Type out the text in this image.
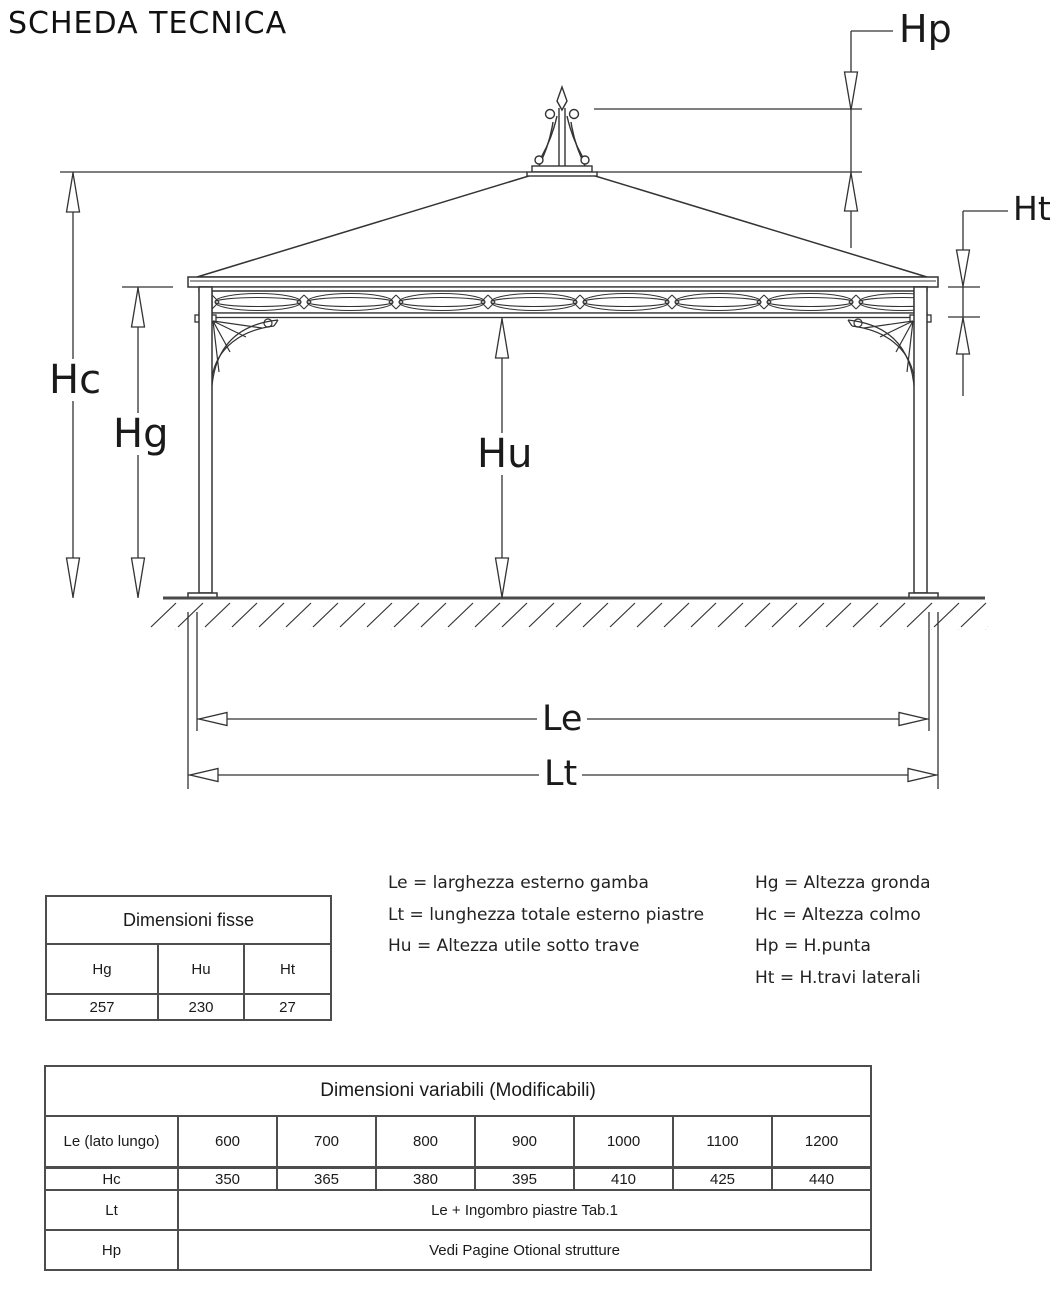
SCHEDA TECNICA	Hp
Ht
Hc
Hg	Hu
Le
Lt
Le = larghezza esterno gamba
Lt = lunghezza totale esterno piastre
Hu = Altezza utile sotto trave
Hg = Altezza gronda
Hc = Altezza colmo
Hp = H.punta
Ht = H.travi laterali
Dimensioni fisse		
Hg	Hu	Ht
257	230	27
Dimensioni variabili (Modificabili)							
Le (lato lungo)	600	700	800	900	1000	1100	1200
Hc	350	365	380	395	410	425	440
Lt	Le + Ingombro piastre Tab.1						
Hp	Vedi Pagine Otional strutture						
